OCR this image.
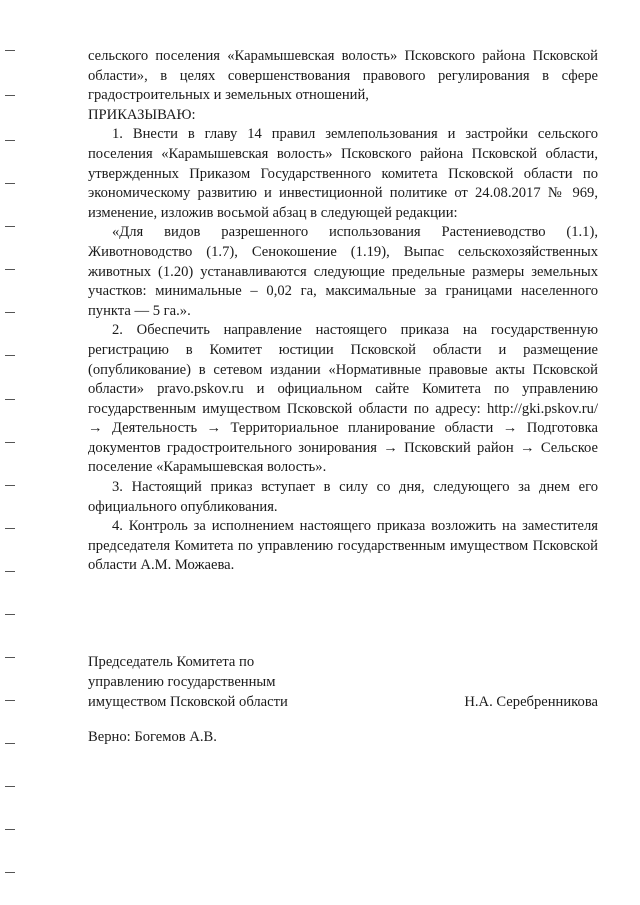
сельского поселения «Карамышевская волость» Псковского района Псковской области», в целях совершенствования правового регулирования в сфере градостроительных и земельных отношений,

ПРИКАЗЫВАЮ:

1. Внести в главу 14 правил землепользования и застройки сельского поселения «Карамышевская волость» Псковского района Псковской области, утвержденных Приказом Государственного комитета Псковской области по экономическому развитию и инвестиционной политике от 24.08.2017 № 969, изменение, изложив восьмой абзац в следующей редакции:

«Для видов разрешенного использования Растениеводство (1.1), Животноводство (1.7), Сенокошение (1.19), Выпас сельскохозяйственных животных (1.20) устанавливаются следующие предельные размеры земельных участков: минимальные – 0,02 га, максимальные за границами населенного пункта — 5 га.».

2. Обеспечить направление настоящего приказа на государственную регистрацию в Комитет юстиции Псковской области и размещение (опубликование) в сетевом издании «Нормативные правовые акты Псковской области» pravo.pskov.ru и официальном сайте Комитета по управлению государственным имуществом Псковской области по адресу: http://gki.pskov.ru/ → Деятельность → Территориальное планирование области → Подготовка документов градостроительного зонирования → Псковский район → Сельское поселение «Карамышевская волость».

3. Настоящий приказ вступает в силу со дня, следующего за днем его официального опубликования.

4. Контроль за исполнением настоящего приказа возложить на заместителя председателя Комитета по управлению государственным имуществом Псковской области А.М. Можаева.

Председатель Комитета по
управлению государственным
имуществом Псковской области	Н.А. Серебренникова
Верно: Богемов А.В.
